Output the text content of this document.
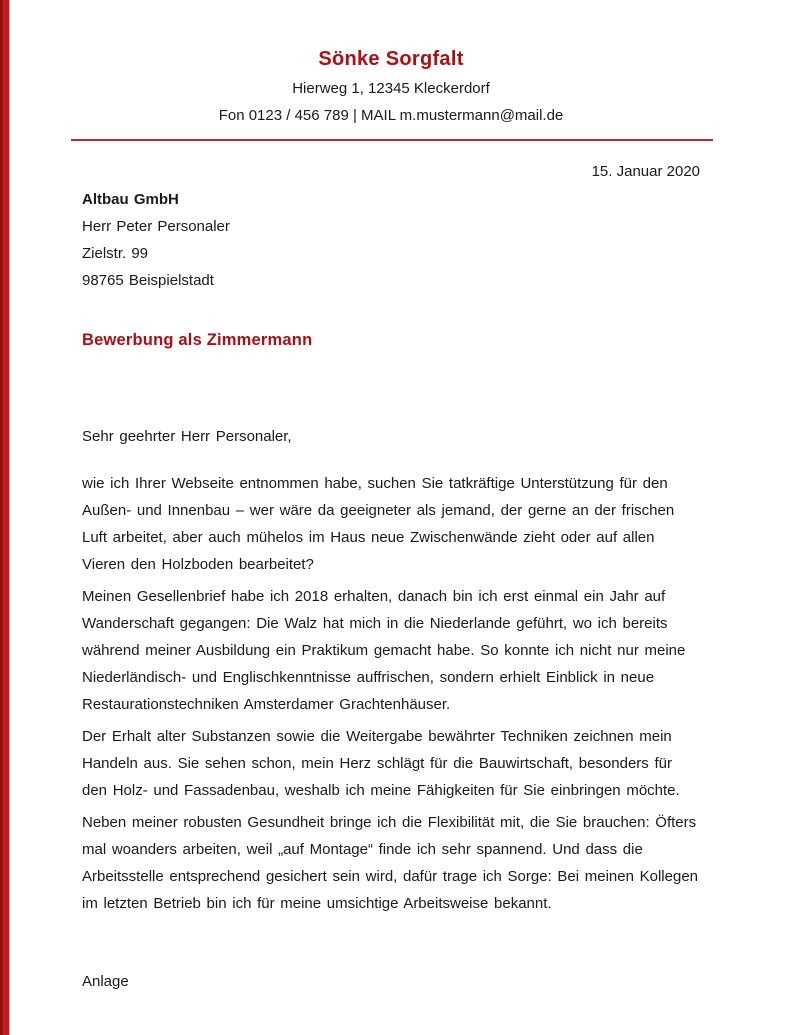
Sönke Sorgfalt
Hierweg 1, 12345 Kleckerdorf
Fon 0123 / 456 789 | MAIL m.mustermann@mail.de
15. Januar 2020
Altbau GmbH
Herr Peter Personaler
Zielstr. 99
98765 Beispielstadt
Bewerbung als Zimmermann
Sehr geehrter Herr Personaler,

wie ich Ihrer Webseite entnommen habe, suchen Sie tatkräftige Unterstützung für den Außen- und Innenbau – wer wäre da geeigneter als jemand, der gerne an der frischen Luft arbeitet, aber auch mühelos im Haus neue Zwischenwände zieht oder auf allen Vieren den Holzboden bearbeitet?

Meinen Gesellenbrief habe ich 2018 erhalten, danach bin ich erst einmal ein Jahr auf Wanderschaft gegangen: Die Walz hat mich in die Niederlande geführt, wo ich bereits während meiner Ausbildung ein Praktikum gemacht habe. So konnte ich nicht nur meine Niederländisch- und Englischkenntnisse auffrischen, sondern erhielt Einblick in neue Restaurationstechniken Amsterdamer Grachtenhäuser.

Der Erhalt alter Substanzen sowie die Weitergabe bewährter Techniken zeichnen mein Handeln aus. Sie sehen schon, mein Herz schlägt für die Bauwirtschaft, besonders für den Holz- und Fassadenbau, weshalb ich meine Fähigkeiten für Sie einbringen möchte.

Neben meiner robusten Gesundheit bringe ich die Flexibilität mit, die Sie brauchen: Öfters mal woanders arbeiten, weil „auf Montage“ finde ich sehr spannend. Und dass die Arbeitsstelle entsprechend gesichert sein wird, dafür trage ich Sorge: Bei meinen Kollegen im letzten Betrieb bin ich für meine umsichtige Arbeitsweise bekannt.

Anlage
